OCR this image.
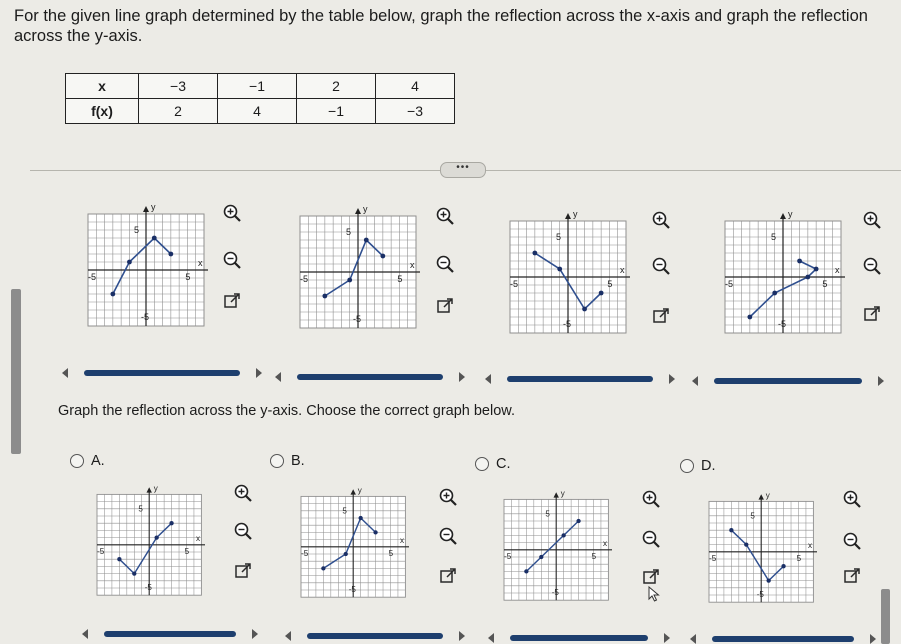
For the given line graph determined by the table below, graph the reflection across the x-axis and graph the reflection across the y-axis.
x	−3	−1	2	4
f(x)	2	4	−1	−3
•••
y
x
5
5
-5
-5
y
x
5
5
-5
-5
y
x
5
5
-5
-5
y
x
5
5
-5
-5
Graph the reflection across the y-axis. Choose the correct graph below.
A.	B.	C.	D.
y
x
5
5
-5
-5
y
x
5
5
-5
-5
y
x
5
5
-5
-5
y
x
5
5
-5
-5
